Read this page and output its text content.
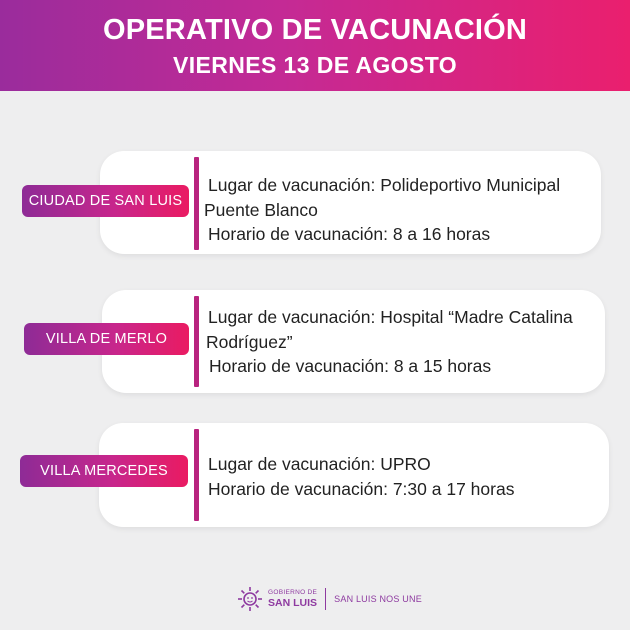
OPERATIVO DE VACUNACIÓN
VIERNES 13 DE AGOSTO
CIUDAD DE SAN LUIS
Lugar de vacunación: Polideportivo Municipal
Puente Blanco
Horario de vacunación: 8 a 16 horas
VILLA DE MERLO
Lugar de vacunación: Hospital “Madre Catalina
Rodríguez”
Horario de vacunación: 8 a 15 horas
VILLA MERCEDES	Lugar de vacunación: UPRO
Horario de vacunación: 7:30 a 17 horas
GOBIERNO DE
SAN LUIS SAN LUIS NOS UNE
